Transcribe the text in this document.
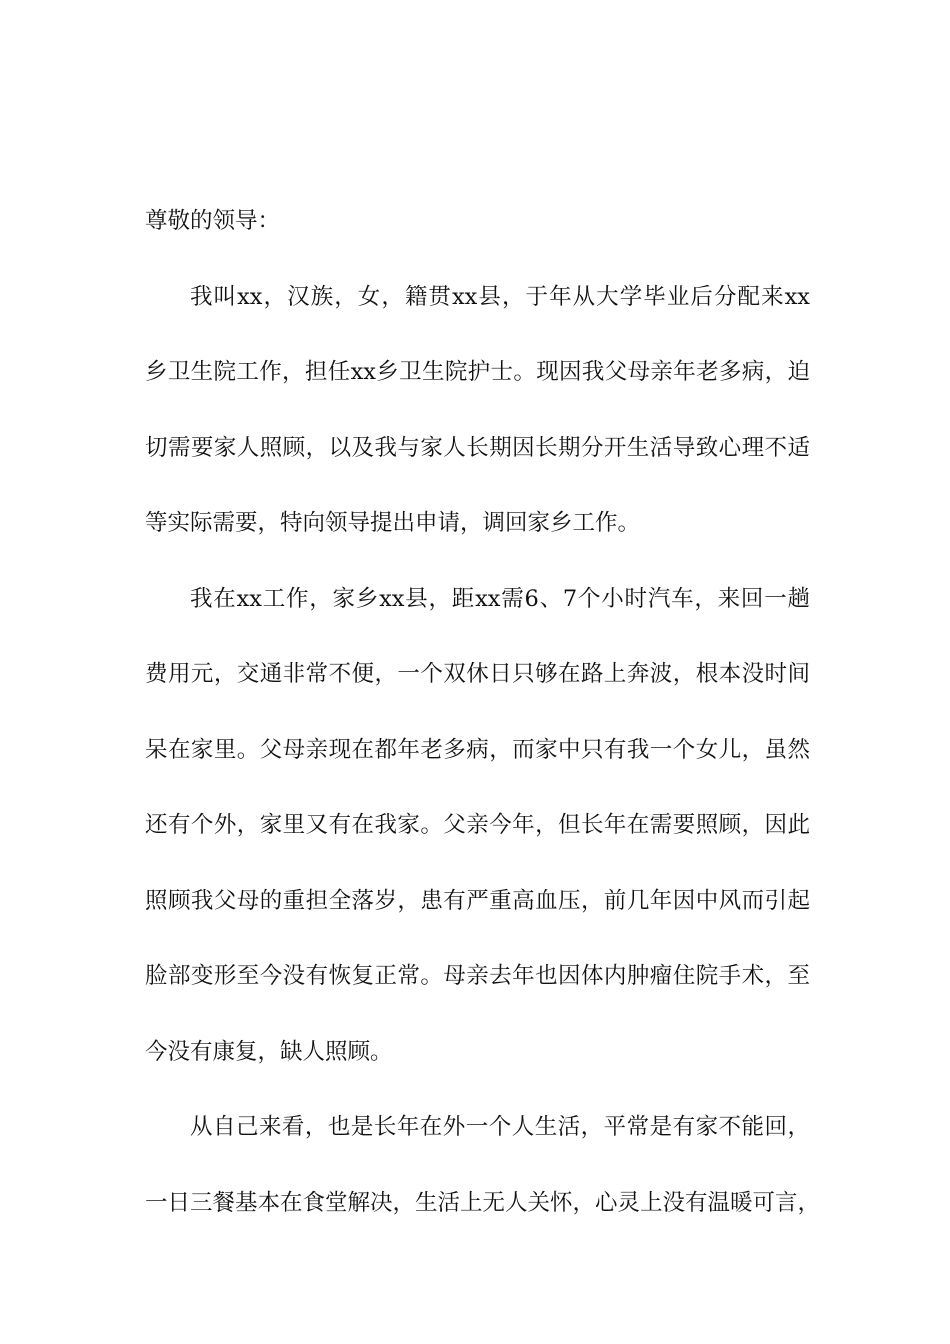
尊敬的领导：

我叫xx，汉族，女，籍贯xx县，于年从大学毕业后分配来xx
乡卫生院工作，担任xx乡卫生院护士。现因我父母亲年老多病，迫
切需要家人照顾，以及我与家人长期因长期分开生活导致心理不适
等实际需要，特向领导提出申请，调回家乡工作。
我在xx工作，家乡xx县，距xx需6、7个小时汽车，来回一趟
费用元，交通非常不便，一个双休日只够在路上奔波，根本没时间
呆在家里。父母亲现在都年老多病，而家中只有我一个女儿，虽然
还有个外，家里又有在我家。父亲今年，但长年在需要照顾，因此
照顾我父母的重担全落岁，患有严重高血压，前几年因中风而引起
脸部变形至今没有恢复正常。母亲去年也因体内肿瘤住院手术，至
今没有康复，缺人照顾。
从自己来看，也是长年在外一个人生活，平常是有家不能回，
一日三餐基本在食堂解决，生活上无人关怀，心灵上没有温暖可言，
